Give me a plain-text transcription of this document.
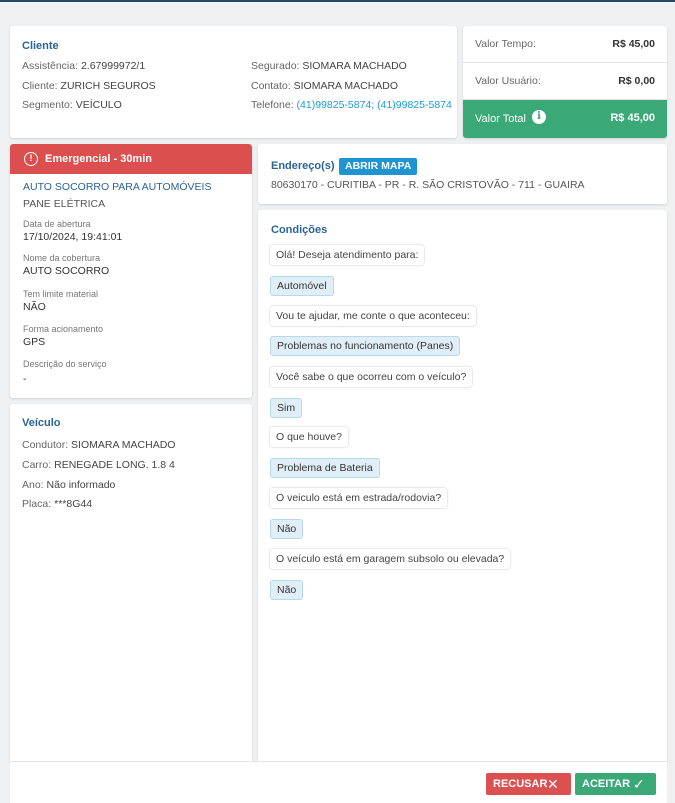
Cliente
Assistência: 2.67999972/1
Cliente: ZURICH SEGUROS
Segmento: VEÍCULO
Segurado: SIOMARA MACHADO
Contato: SIOMARA MACHADO
Telefone: (41)99825-5874; (41)99825-5874
Valor Tempo:	R$ 45,00
Valor Usuário:	R$ 0,00
Valor Total	i	R$ 45,00
!	Emergencial - 30min
AUTO SOCORRO PARA AUTOMÓVEIS
PANE ELÉTRICA
Data de abertura
17/10/2024, 19:41:01
Nome da cobertura
AUTO SOCORRO
Tem limite material
NÃO
Forma acionamento
GPS
Descrição do serviço
-
Veículo
Condutor: SIOMARA MACHADO
Carro: RENEGADE LONG. 1.8 4
Ano: Não informado
Placa: ***8G44
Endereço(s) ABRIR MAPA
80630170 - CURITIBA - PR - R. SÃO CRISTOVÃO - 711 - GUAIRA
Condições
Olá! Deseja atendimento para:
Automóvel
Vou te ajudar, me conte o que aconteceu:
Problemas no funcionamento (Panes)
Você sabe o que ocorreu com o veículo?
Sim
O que houve?
Problema de Bateria
O veiculo está em estrada/rodovia?
Não
O veículo está em garagem subsolo ou elevada?
Não
RECUSAR ✕	ACEITAR ✓
